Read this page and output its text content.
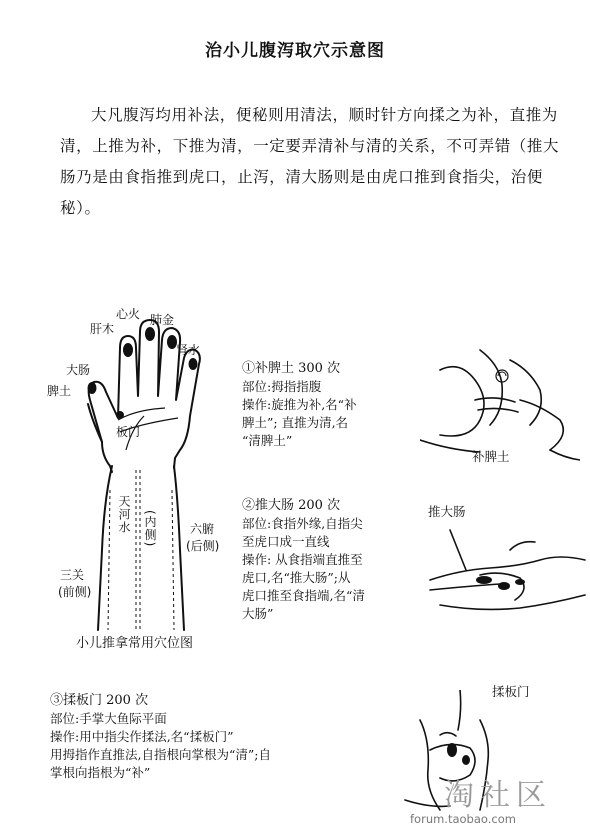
治小儿腹泻取穴示意图

大凡腹泻均用补法，便秘则用清法，顺时针方向揉之为补，直推为清，上推为补，下推为清，一定要弄清补与清的关系，不可弄错（推大肠乃是由食指推到虎口，止泻，清大肠则是由虎口推到食指尖，治便秘）。

心火 肺金
肝木
肾水
大肠
脾土
板门
天河水 (内侧)	六腑
(后侧)
三关
(前侧)
小儿推拿常用穴位图
①补脾土 300 次
部位:拇指指腹
操作:旋推为补,名“补
脾土”; 直推为清,名
“清脾土”
②推大肠 200 次
部位:食指外缘,自指尖
至虎口成一直线
操作: 从食指端直推至
虎口,名“推大肠”;从
虎口推至食指端,名“清
大肠”
③揉板门 200 次
部位:手掌大鱼际平面
操作:用中指尖作揉法,名“揉板门”
用拇指作直推法,自指根向掌根为“清”;自
掌根向指根为“补”
补脾土
推大肠
揉板门
淘社区
forum.taobao.com
